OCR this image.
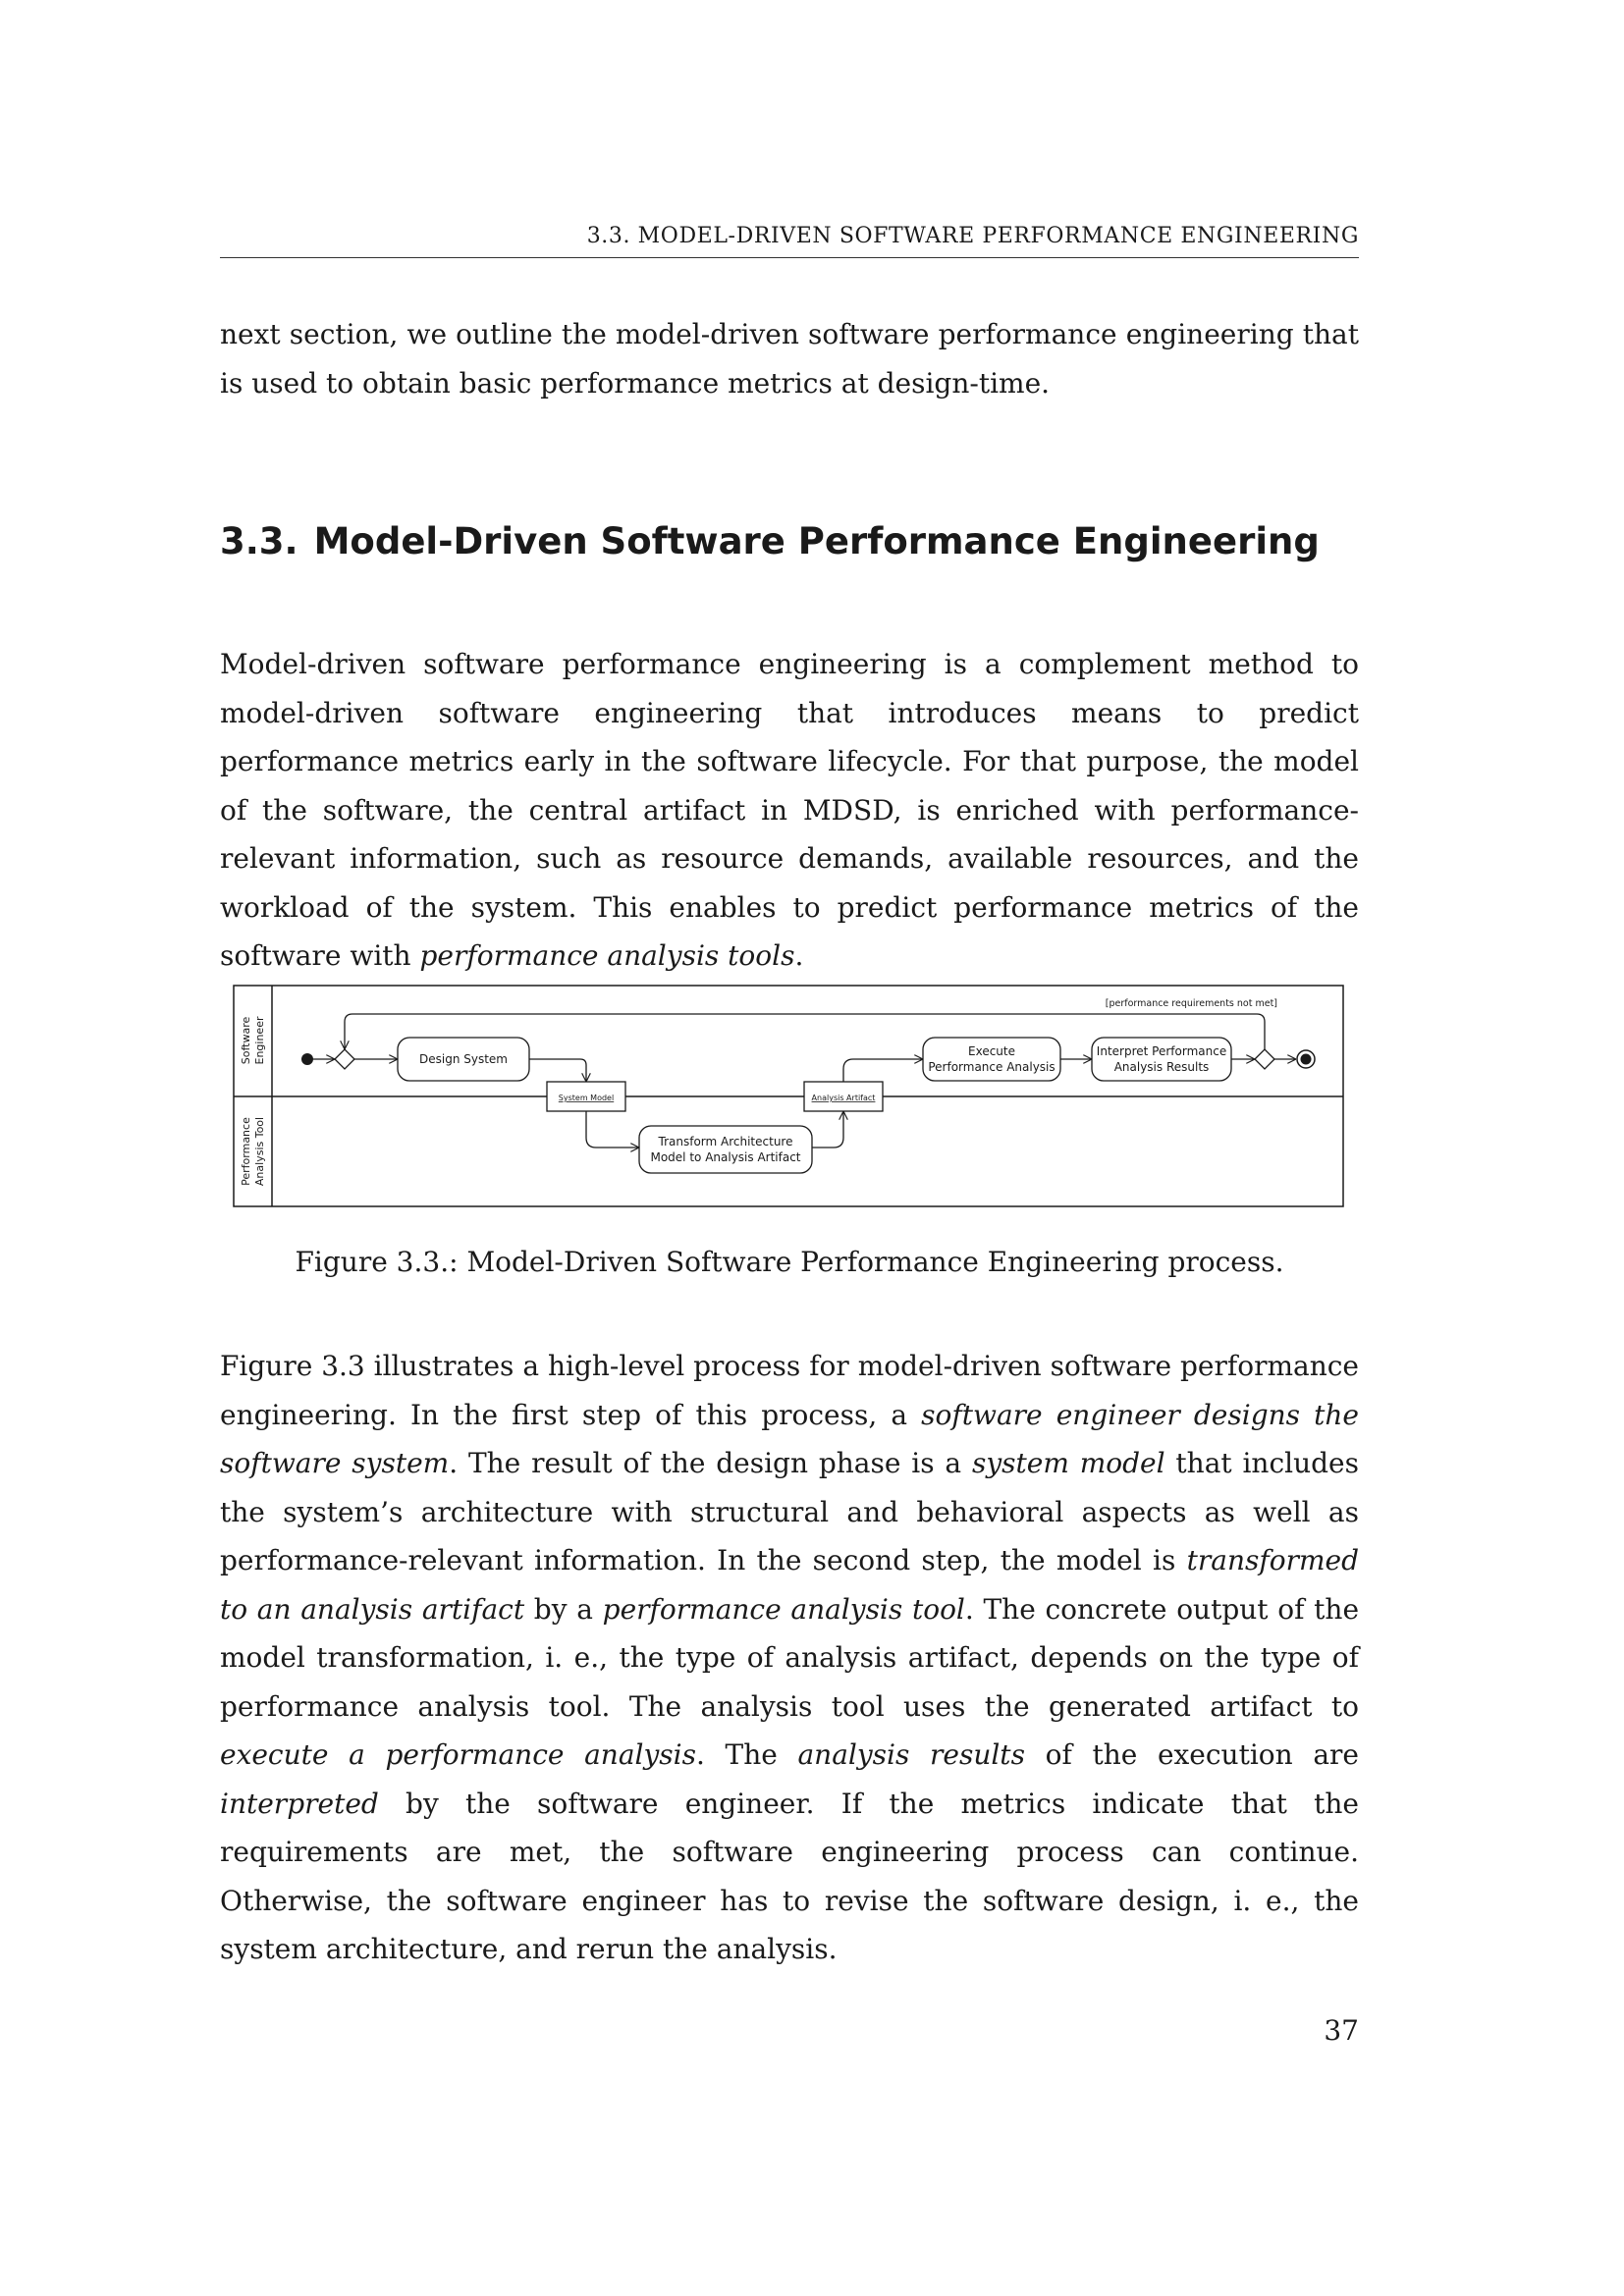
3.3. MODEL-DRIVEN SOFTWARE PERFORMANCE ENGINEERING

next section, we outline the model-driven software performance engineering that is used to obtain basic performance metrics at design-time.

3.3. Model-Driven Software Performance Engineering

Model-driven software performance engineering is a complement method to model-driven software engineering that introduces means to predict performance metrics early in the software lifecycle. For that purpose, the model of the software, the central artifact in MDSD, is enriched with performance-relevant information, such as resource demands, available resources, and the workload of the system. This enables to predict performance metrics of the software with performance analysis tools.

Software Engineer
Performance Analysis Tool
Design System
System Model
Transform Architecture
Model to Analysis Artifact
Analysis Artifact
Execute
Performance Analysis
Interpret Performance
Analysis Results
[performance requirements not met]
Figure 3.3.: Model-Driven Software Performance Engineering process.

Figure 3.3 illustrates a high-level process for model-driven software performance engineering. In the first step of this process, a software engineer designs the software system. The result of the design phase is a system model that includes the system’s architecture with structural and behavioral aspects as well as performance-relevant information. In the second step, the model is transformed to an analysis artifact by a performance analysis tool. The concrete output of the model transformation, i. e., the type of analysis artifact, depends on the type of performance analysis tool. The analysis tool uses the generated artifact to execute a performance analysis. The analysis results of the execution are interpreted by the software engineer. If the metrics indicate that the requirements are met, the software engineering process can continue. Otherwise, the software engineer has to revise the software design, i. e., the system architecture, and rerun the analysis.

37
